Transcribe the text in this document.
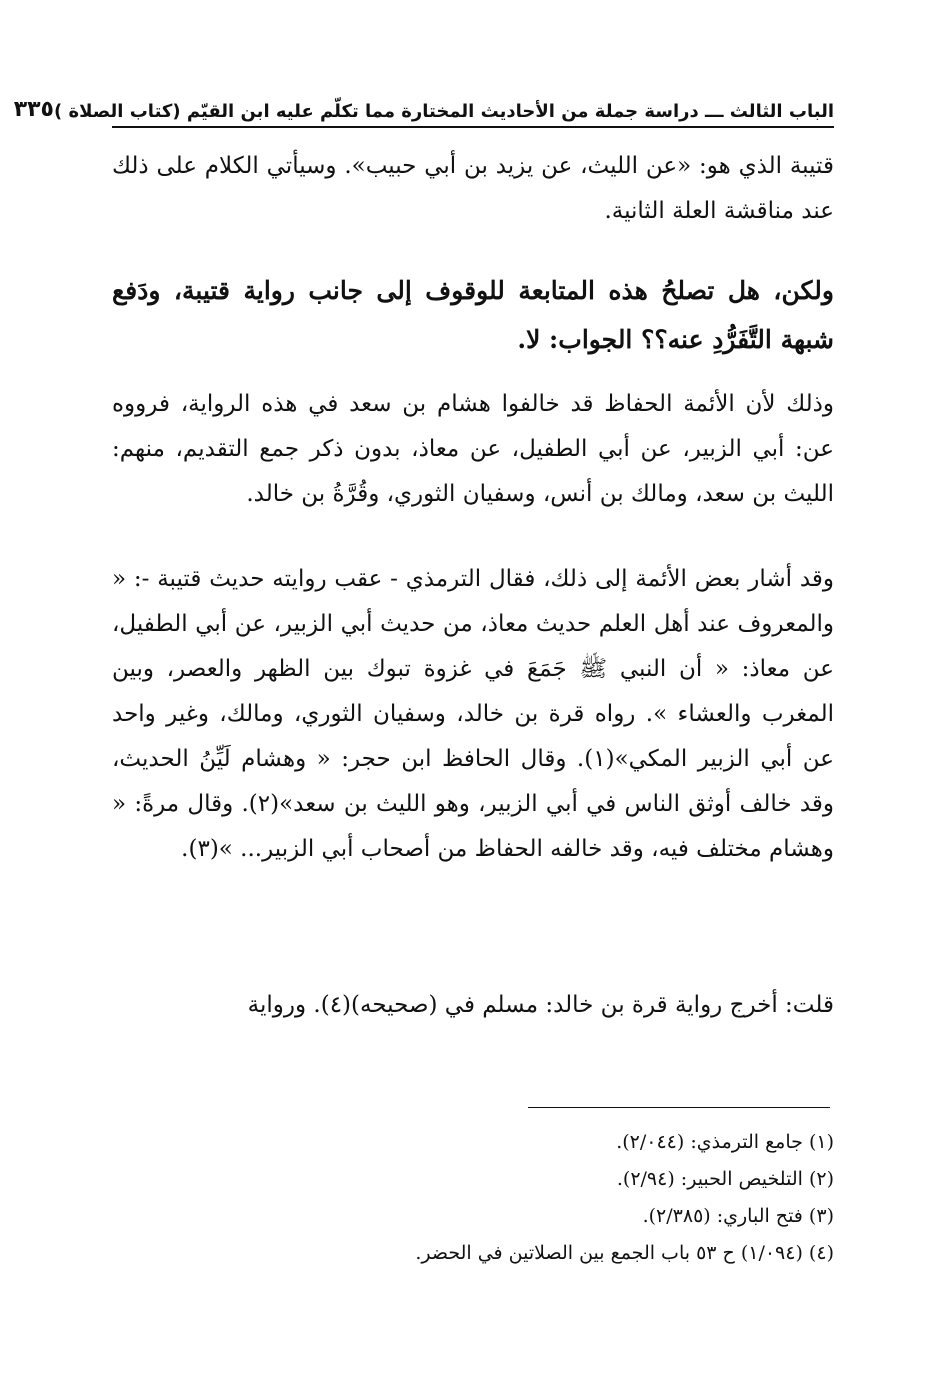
الباب الثالث ـــ دراسة جملة من الأحاديث المختارة مما تكلّم عليه ابن القيّم (كتاب الصلاة )
٣٣٥

قتيبة الذي هو: «عن الليث، عن يزيد بن أبي حبيب». وسيأتي الكلام على ذلك عند مناقشة العلة الثانية.

ولكن، هل تصلحُ هذه المتابعة للوقوف إلى جانب رواية قتيبة، ودَفع شبهة التَّفَرُّدِ عنه؟؟ الجواب: لا.

وذلك لأن الأئمة الحفاظ قد خالفوا هشام بن سعد في هذه الرواية، فرووه عن: أبي الزبير، عن أبي الطفيل، عن معاذ، بدون ذكر جمع التقديم، منهم: الليث بن سعد، ومالك بن أنس، وسفيان الثوري، وقُرَّةُ بن خالد.

وقد أشار بعض الأئمة إلى ذلك، فقال الترمذي - عقب روايته حديث قتيبة -: « والمعروف عند أهل العلم حديث معاذ، من حديث أبي الزبير، عن أبي الطفيل، عن معاذ: « أن النبي ﷺ جَمَعَ في غزوة تبوك بين الظهر والعصر، وبين المغرب والعشاء ». رواه قرة بن خالد، وسفيان الثوري، ومالك، وغير واحد عن أبي الزبير المكي»(١). وقال الحافظ ابن حجر: « وهشام لَيِّنُ الحديث، وقد خالف أوثق الناس في أبي الزبير، وهو الليث بن سعد»(٢). وقال مرةً: « وهشام مختلف فيه، وقد خالفه الحفاظ من أصحاب أبي الزبير... »(٣).

قلت: أخرج رواية قرة بن خالد: مسلم في (صحيحه)(٤). ورواية

(١) جامع الترمذي: (٢/٠٤٤).
(٢) التلخيص الحبير: (٢/٩٤).
(٣) فتح الباري: (٢/٣٨٥).
(٤) (١/٠٩٤) ح ٥٣ باب الجمع بين الصلاتين في الحضر.
